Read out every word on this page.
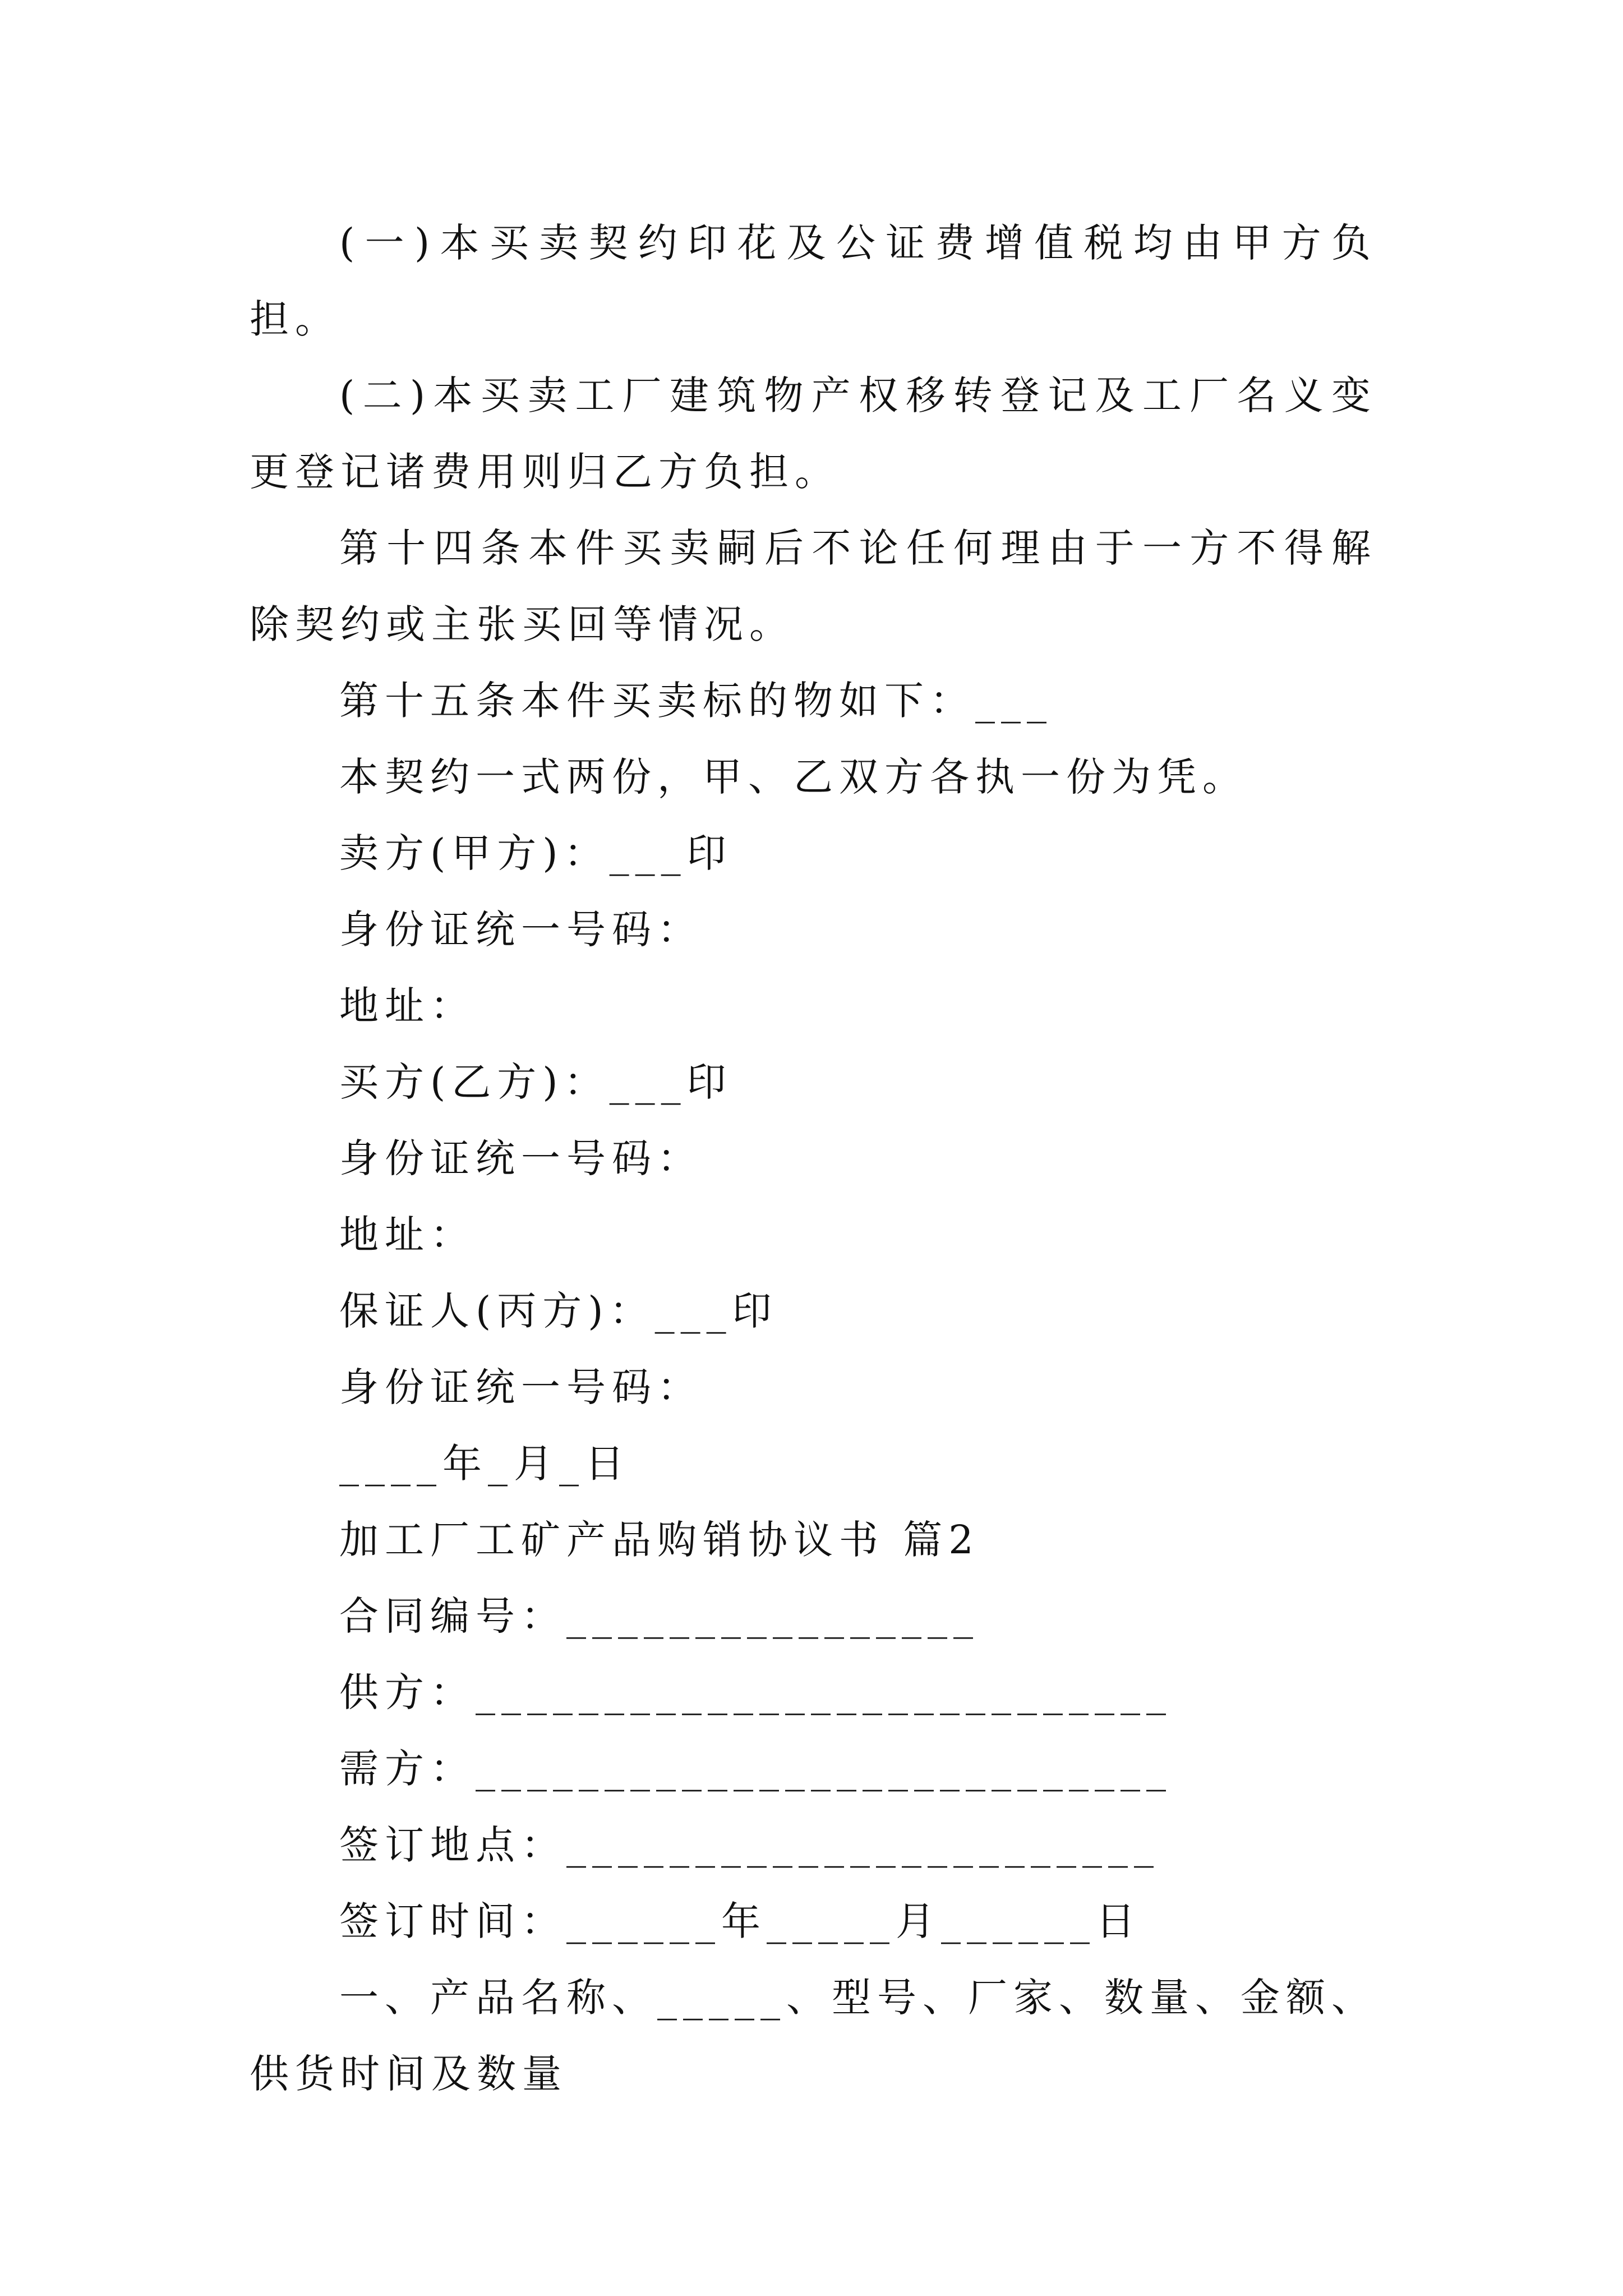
(一)本买卖契约印花及公证费增值税均由甲方负担。

(二)本买卖工厂建筑物产权移转登记及工厂名义变更登记诸费用则归乙方负担。

第十四条本件买卖嗣后不论任何理由于一方不得解除契约或主张买回等情况。

第十五条本件买卖标的物如下：___

本契约一式两份，甲、乙双方各执一份为凭。

卖方(甲方)：___印

身份证统一号码：

地址：

买方(乙方)：___印

身份证统一号码：

地址：

保证人(丙方)：___印

身份证统一号码：

____年_月_日

加工厂工矿产品购销协议书 篇2

合同编号：________________

供方：___________________________

需方：___________________________

签订地点：_______________________

签订时间：______年_____月______日

一、产品名称、_____、型号、厂家、数量、金额、供货时间及数量
